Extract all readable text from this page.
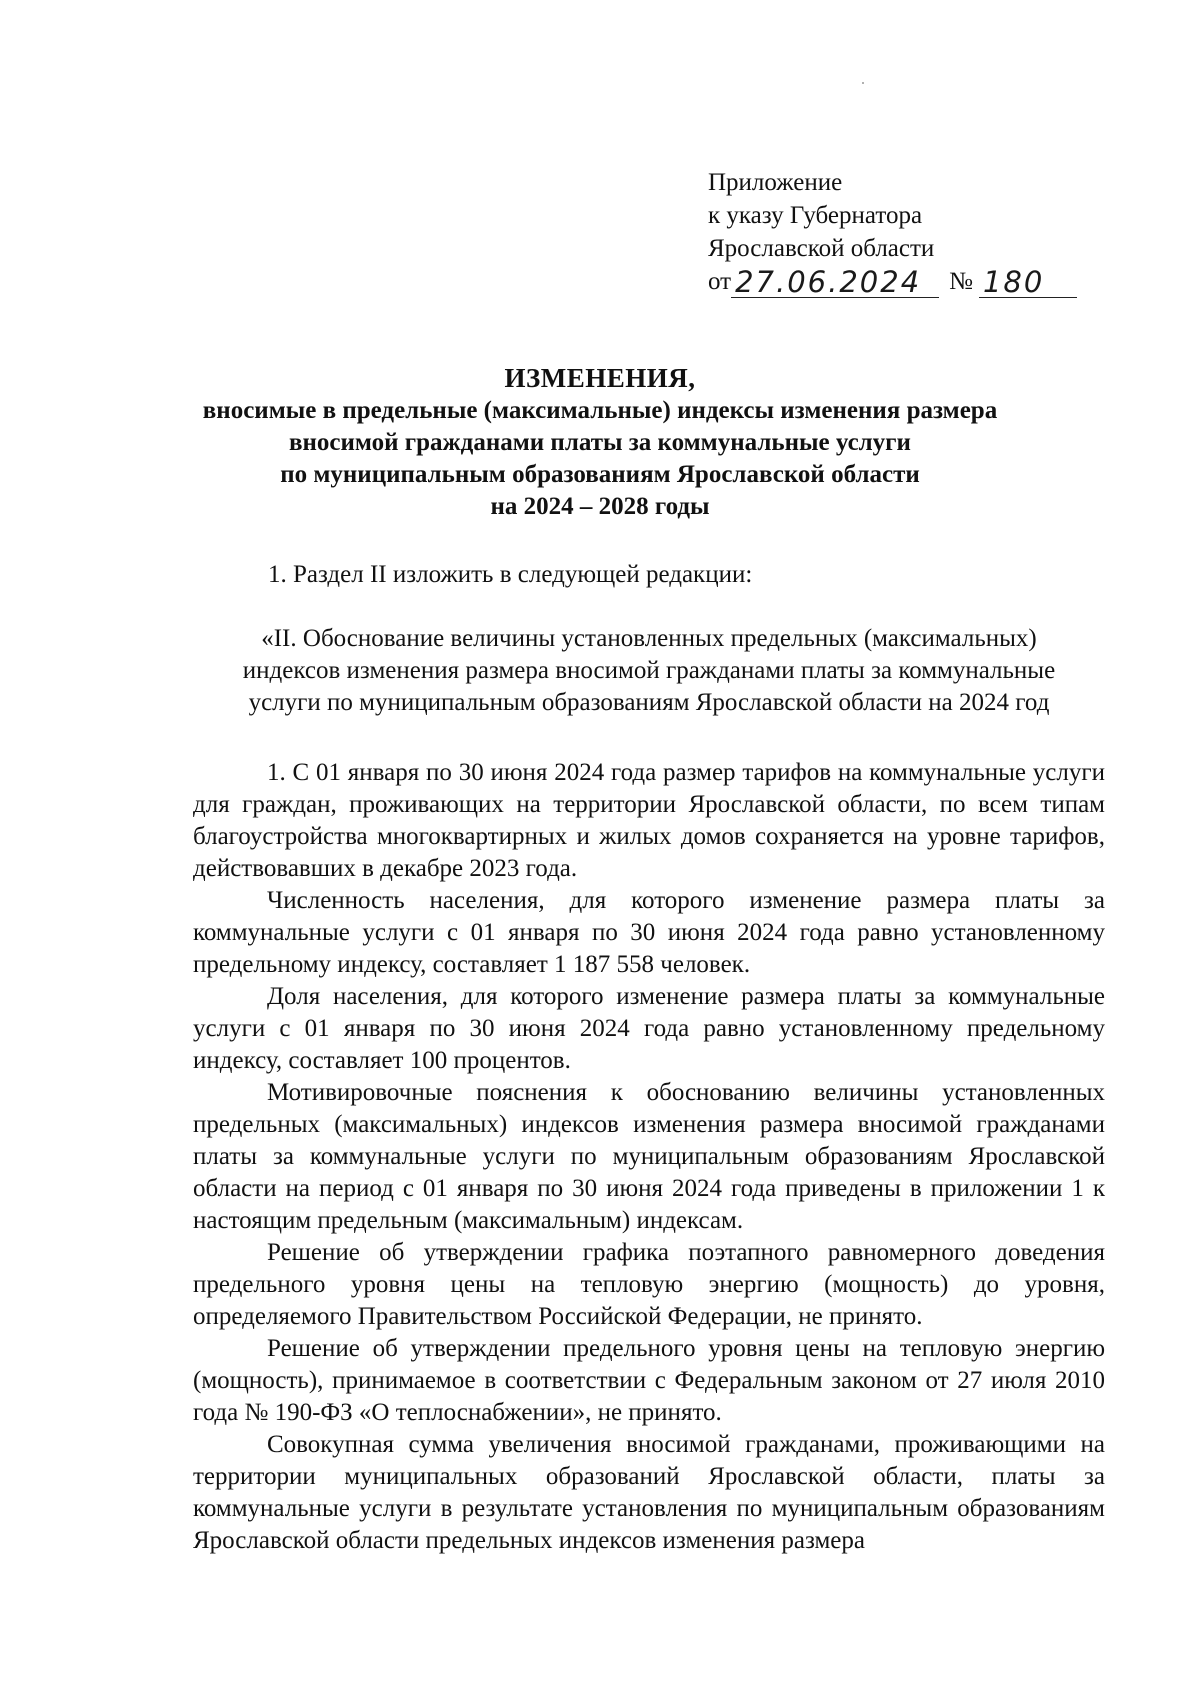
Приложение
к указу Губернатора
Ярославской области
от 27.06.2024	№ 180
ИЗМЕНЕНИЯ,
вносимые в предельные (максимальные) индексы изменения размера
вносимой гражданами платы за коммунальные услуги
по муниципальным образованиям Ярославской области
на 2024 – 2028 годы
1. Раздел II изложить в следующей редакции:
«II. Обоснование величины установленных предельных (максимальных)
индексов изменения размера вносимой гражданами платы за коммунальные
услуги по муниципальным образованиям Ярославской области на 2024 год

1. С 01 января по 30 июня 2024 года размер тарифов на коммунальные услуги для граждан, проживающих на территории Ярославской области, по всем типам благоустройства многоквартирных и жилых домов сохраняется на уровне тарифов, действовавших в декабре 2023 года.

Численность населения, для которого изменение размера платы за коммунальные услуги с 01 января по 30 июня 2024 года равно установленному предельному индексу, составляет 1 187 558 человек.

Доля населения, для которого изменение размера платы за коммунальные услуги с 01 января по 30 июня 2024 года равно установленному предельному индексу, составляет 100 процентов.

Мотивировочные пояснения к обоснованию величины установленных предельных (максимальных) индексов изменения размера вносимой гражданами платы за коммунальные услуги по муниципальным образованиям Ярославской области на период с 01 января по 30 июня 2024 года приведены в приложении 1 к настоящим предельным (максимальным) индексам.

Решение об утверждении графика поэтапного равномерного доведения предельного уровня цены на тепловую энергию (мощность) до уровня, определяемого Правительством Российской Федерации, не принято.

Решение об утверждении предельного уровня цены на тепловую энергию (мощность), принимаемое в соответствии с Федеральным законом от 27 июля 2010 года № 190-ФЗ «О теплоснабжении», не принято.

Совокупная сумма увеличения вносимой гражданами, проживающими на территории муниципальных образований Ярославской области, платы за коммунальные услуги в результате установления по муниципальным образованиям Ярославской области предельных индексов изменения размера
